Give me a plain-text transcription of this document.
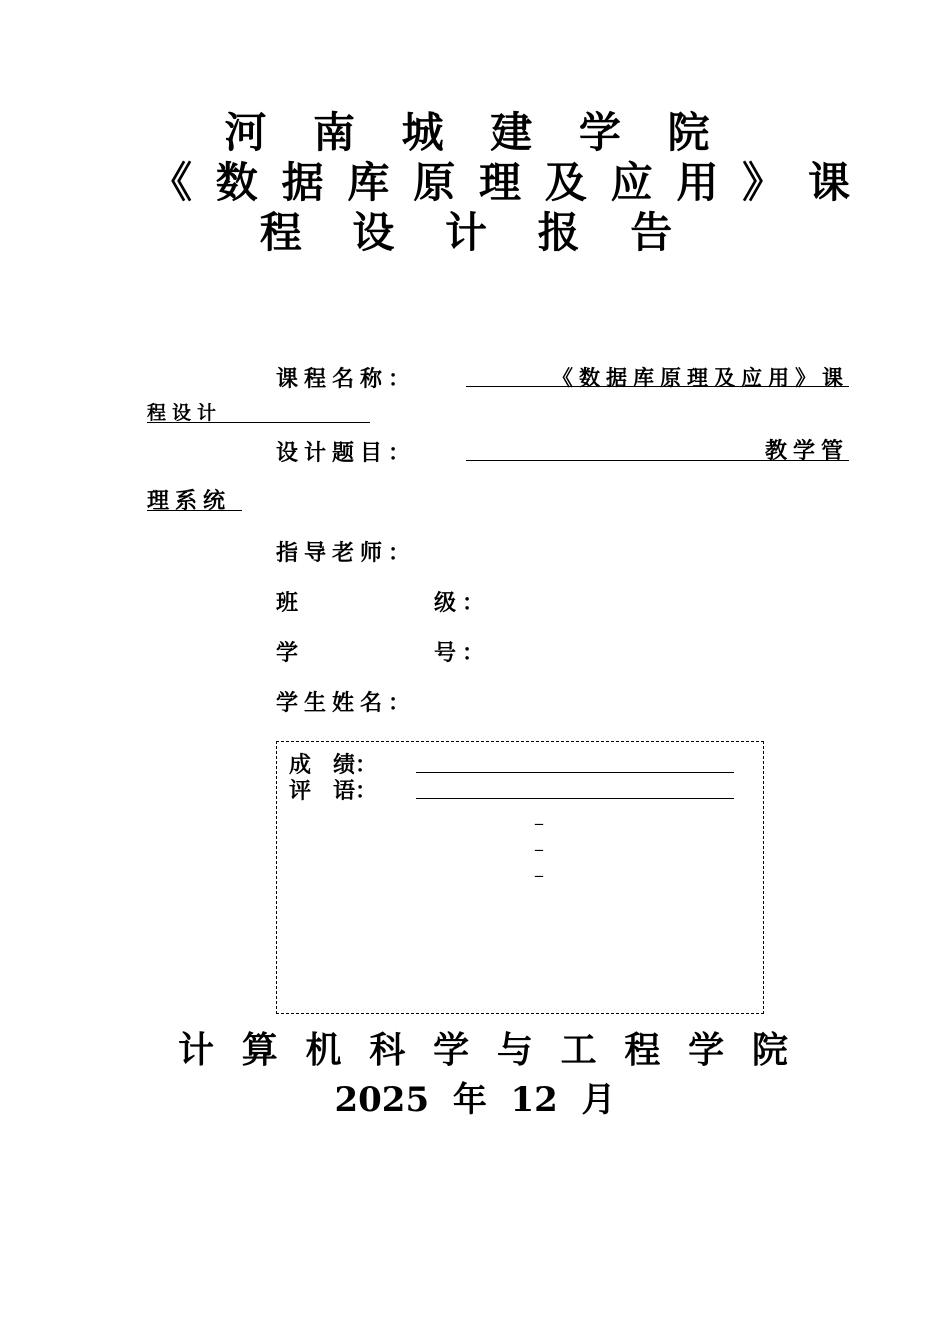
河 南 城 建 学 院
《 数 据 库 原 理 及 应 用 》 课
程 设 计 报 告
课程名称：	《数据库原理及应用》课
程设计
设计题目：	教学管
理系统
指导老师：
班	级：
学	号：
学生姓名：
成　绩：
评　语：
_
_
_
计 算 机 科 学 与 工 程 学 院
2025 年 12 月
